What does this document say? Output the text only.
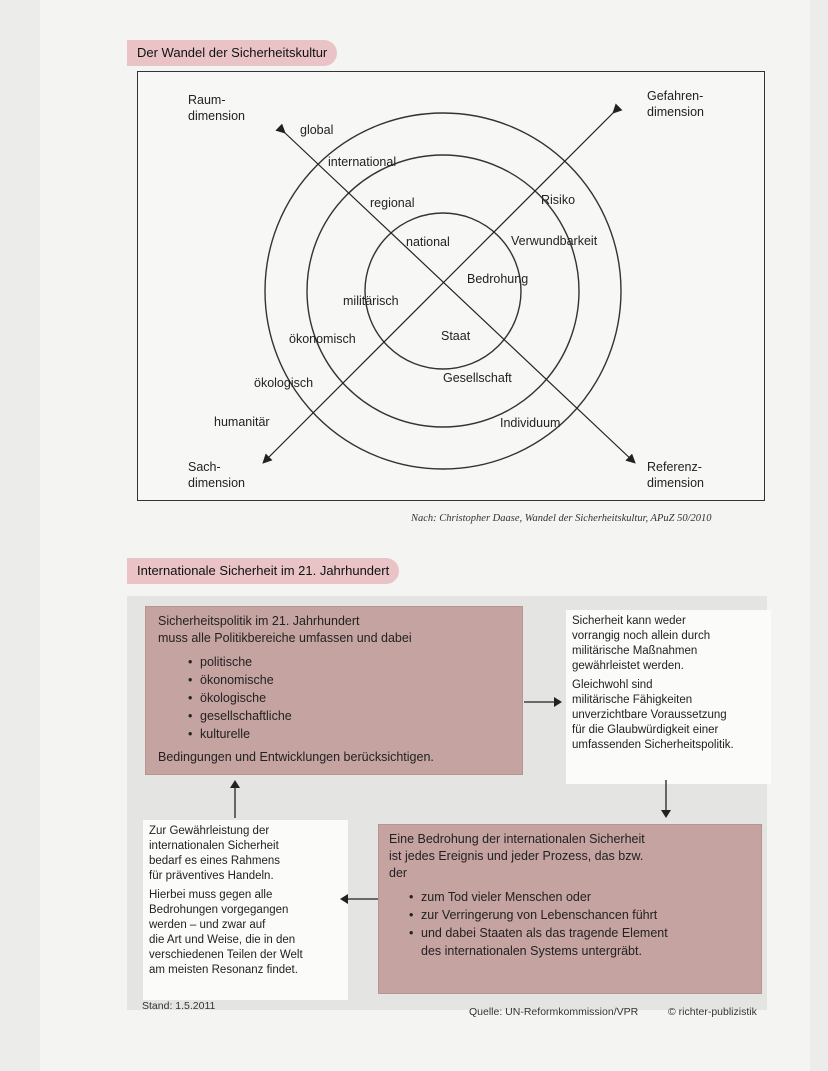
Der Wandel der Sicherheitskultur
Raum-dimension
Gefahren-dimension
Sach-dimension
Referenz-dimension
global
international
regional
national
Risiko
Verwundbarkeit
Bedrohung
militärisch
ökonomisch
ökologisch
humanitär
Staat
Gesellschaft
Individuum
Nach: Christopher Daase, Wandel der Sicherheitskultur, APuZ 50/2010
Internationale Sicherheit im 21. Jahrhundert
Sicherheitspolitik im 21. Jahrhundert
muss alle Politikbereiche umfassen und dabei
• politische
• ökonomische
• ökologische
• gesellschaftliche
• kulturelle
Bedingungen und Entwicklungen berücksichtigen.
Sicherheit kann weder
vorrangig noch allein durch
militärische Maßnahmen
gewährleistet werden.
Gleichwohl sind
militärische Fähigkeiten
unverzichtbare Voraussetzung
für die Glaubwürdigkeit einer
umfassenden Sicherheitspolitik.
Eine Bedrohung der internationalen Sicherheit
ist jedes Ereignis und jeder Prozess, das bzw.
der
• zum Tod vieler Menschen oder
• zur Verringerung von Lebenschancen führt
• und dabei Staaten als das tragende Element
des internationalen Systems untergräbt.
Zur Gewährleistung der
internationalen Sicherheit
bedarf es eines Rahmens
für präventives Handeln.
Hierbei muss gegen alle
Bedrohungen vorgegangen
werden – und zwar auf
die Art und Weise, die in den
verschiedenen Teilen der Welt
am meisten Resonanz findet.
Stand: 1.5.2011	Quelle: UN-Reformkommission/VPR	© richter-publizistik
